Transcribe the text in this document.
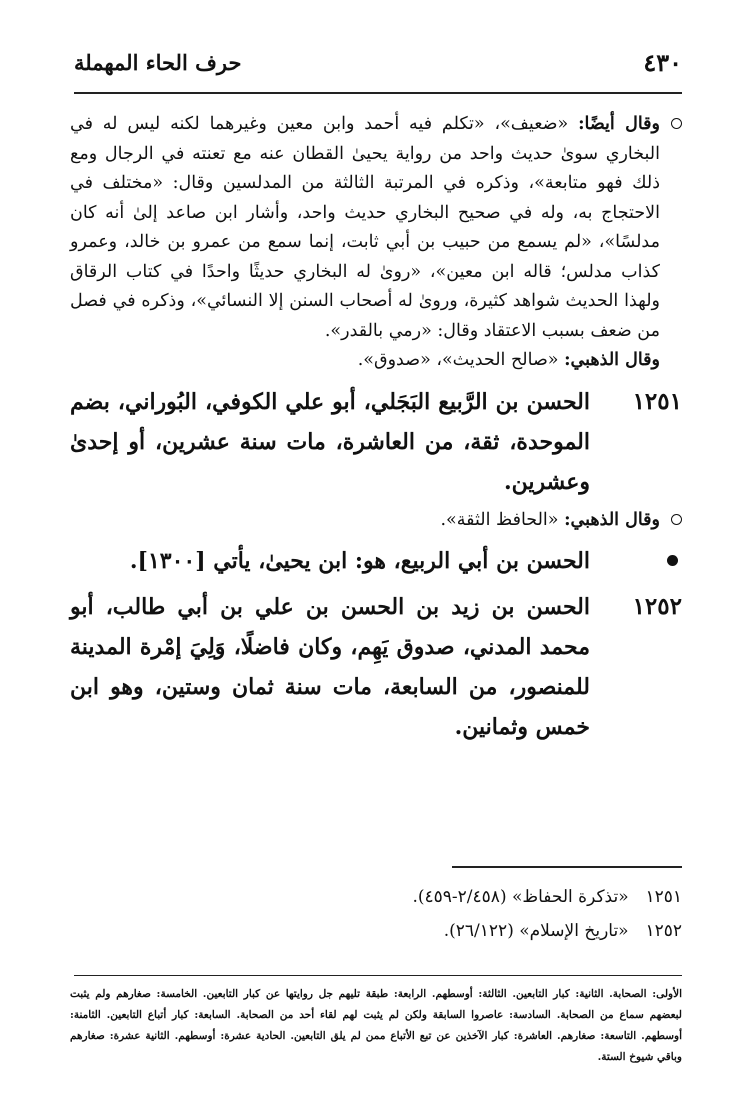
٤٣٠
حرف الحاء المهملة

وقال أيضًا: «ضعيف»، «تكلم فيه أحمد وابن معين وغيرهما لكنه ليس له في البخاري سوىٰ حديث واحد من رواية يحيىٰ القطان عنه مع تعنته في الرجال ومع ذلك فهو متابعة»، وذكره في المرتبة الثالثة من المدلسين وقال: «مختلف في الاحتجاج به، وله في صحيح البخاري حديث واحد، وأشار ابن صاعد إلىٰ أنه كان مدلسًا»، «لم يسمع من حبيب بن أبي ثابت، إنما سمع من عمرو بن خالد، وعمرو كذاب مدلس؛ قاله ابن معين»، «روىٰ له البخاري حديثًا واحدًا في كتاب الرقاق ولهذا الحديث شواهد كثيرة، وروىٰ له أصحاب السنن إلا النسائي»، وذكره في فصل من ضعف بسبب الاعتقاد وقال: «رمي بالقدر».

وقال الذهبي: «صالح الحديث»، «صدوق».

١٢٥١
الحسن بن الرَّبيع البَجَلي، أبو علي الكوفي، البُوراني، بضم الموحدة، ثقة، من العاشرة، مات سنة عشرين، أو إحدىٰ وعشرين.

وقال الذهبي: «الحافظ الثقة».

الحسن بن أبي الربيع، هو: ابن يحيىٰ، يأتي [١٣٠٠].
١٢٥٢
الحسن بن زيد بن الحسن بن علي بن أبي طالب، أبو محمد المدني، صدوق يَهِم، وكان فاضلًا، وَلِيَ إمْرة المدينة للمنصور، من السابعة، مات سنة ثمان وستين، وهو ابن خمس وثمانين.
١٢٥١ «تذكرة الحفاظ» (٢/٤٥٨-٤٥٩).
١٢٥٢ «تاريخ الإسلام» (٢٦/١٢٢).
الأولى: الصحابة. الثانية: كبار التابعين. الثالثة: أوسطهم. الرابعة: طبقة تليهم جل روايتها عن كبار التابعين. الخامسة: صغارهم ولم يثبت لبعضهم سماع من الصحابة. السادسة: عاصروا السابقة ولكن لم يثبت لهم لقاء أحد من الصحابة. السابعة: كبار أتباع التابعين. الثامنة: أوسطهم. التاسعة: صغارهم. العاشرة: كبار الآخذين عن تبع الأتباع ممن لم يلق التابعين. الحادية عشرة: أوسطهم. الثانية عشرة: صغارهم وباقي شيوخ الستة.
